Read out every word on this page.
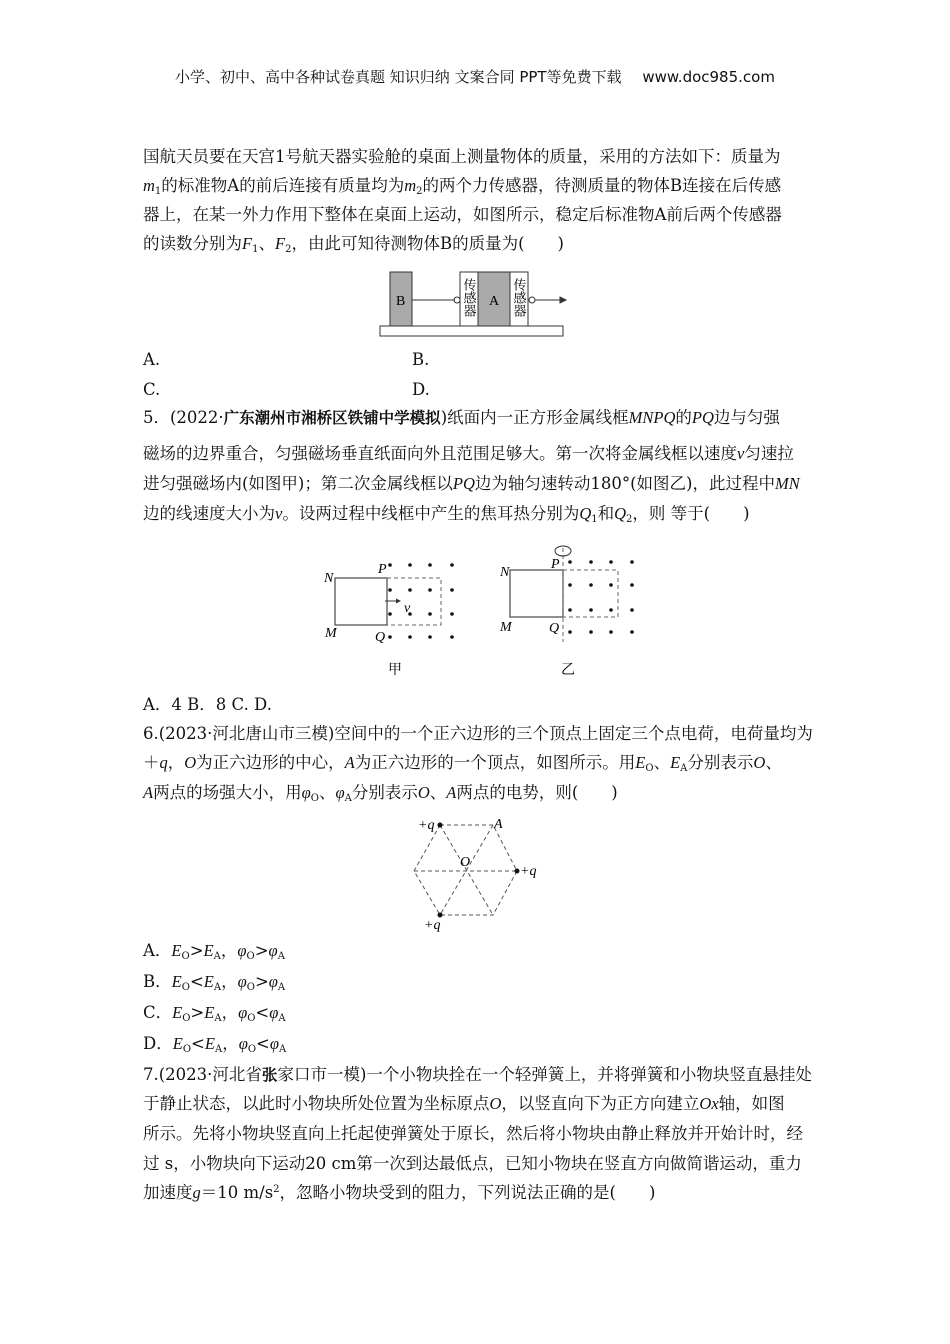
小学、初中、高中各种试卷真题 知识归纳 文案合同 PPT等免费下载 www.doc985.com
国航天员要在天宫1号航天器实验舱的桌面上测量物体的质量，采用的方法如下：质量为
$m_1$的标准物A的前后连接有质量均为$m_2$的两个力传感器，待测质量的物体B连接在后传感
器上，在某一外力作用下整体在桌面上运动，如图所示，稳定后标准物A前后两个传感器
的读数分别为$F_1$、$F_2$，由此可知待测物体B的质量为(　　)
B	A
传感器	传感器
N
P
M	Q
v
甲
N
P
M	Q
乙
+q
+q
+q
A
O
A.	B.
C.	D.
5．(2022·广东潮州市湘桥区铁铺中学模拟)纸面内一正方形金属线框MNPQ的PQ边与匀强
磁场的边界重合，匀强磁场垂直纸面向外且范围足够大。第一次将金属线框以速度v匀速拉
进匀强磁场内(如图甲)；第二次金属线框以PQ边为轴匀速转动180°(如图乙)，此过程中MN
边的线速度大小为v。设两过程中线框中产生的焦耳热分别为$Q_1$和$Q_2$，则 等于(　　)
A．4 B．8 C. D.
6.(2023·河北唐山市三模)空间中的一个正六边形的三个顶点上固定三个点电荷，电荷量均为
＋q，O为正六边形的中心，A为正六边形的一个顶点，如图所示。用$E_O$、$E_A$分别表示O、
A两点的场强大小，用$\varphi_O$、$\varphi_A$分别表示O、A两点的电势，则(　　)
A．$E_O>E_A$，$\varphi_O>\varphi_A$
B．$E_O<E_A$，$\varphi_O>\varphi_A$
C．$E_O>E_A$，$\varphi_O<\varphi_A$
D．$E_O<E_A$，$\varphi_O<\varphi_A$
7.(2023·河北省张家口市一模)一个小物块拴在一个轻弹簧上，并将弹簧和小物块竖直悬挂处
于静止状态，以此时小物块所处位置为坐标原点O，以竖直向下为正方向建立Ox轴，如图
所示。先将小物块竖直向上托起使弹簧处于原长，然后将小物块由静止释放并开始计时，经
过 s，小物块向下运动20 cm第一次到达最低点，已知小物块在竖直方向做简谐运动，重力
加速度g＝10 $m/s^2$，忽略小物块受到的阻力，下列说法正确的是(　　)
